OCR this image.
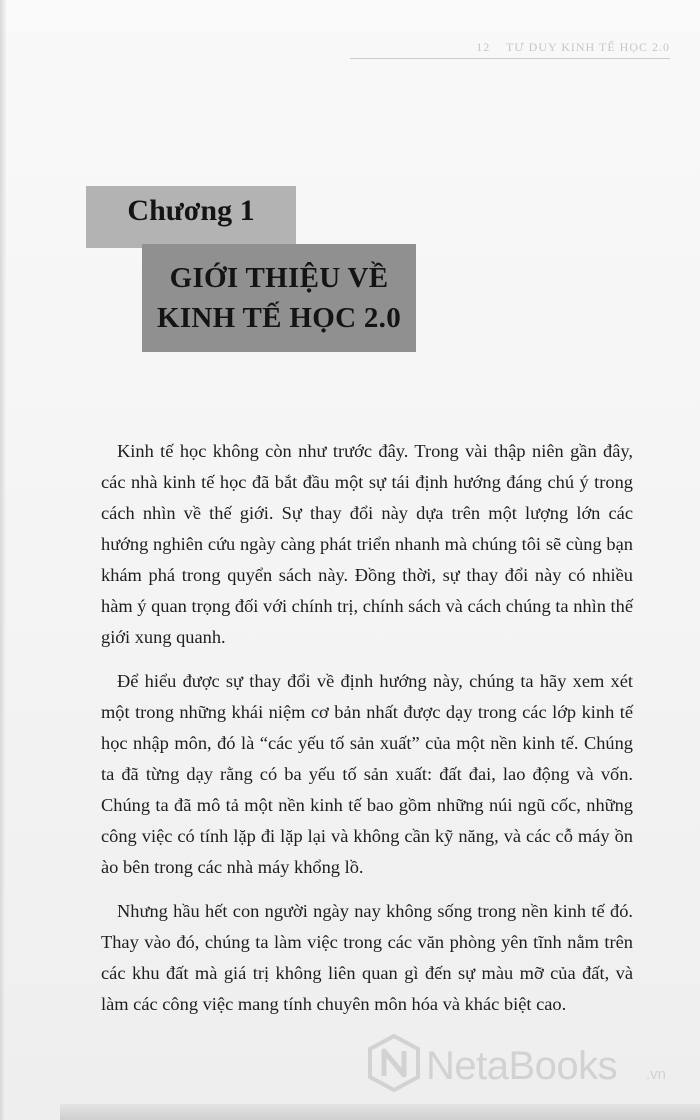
12 TƯ DUY KINH TẾ HỌC 2.0
Chương 1
GIỚI THIỆU VỀ
KINH TẾ HỌC 2.0

Kinh tế học không còn như trước đây. Trong vài thập niên gần đây, các nhà kinh tế học đã bắt đầu một sự tái định hướng đáng chú ý trong cách nhìn về thế giới. Sự thay đổi này dựa trên một lượng lớn các hướng nghiên cứu ngày càng phát triển nhanh mà chúng tôi sẽ cùng bạn khám phá trong quyển sách này. Đồng thời, sự thay đổi này có nhiều hàm ý quan trọng đối với chính trị, chính sách và cách chúng ta nhìn thế giới xung quanh.

Để hiểu được sự thay đổi về định hướng này, chúng ta hãy xem xét một trong những khái niệm cơ bản nhất được dạy trong các lớp kinh tế học nhập môn, đó là “các yếu tố sản xuất” của một nền kinh tế. Chúng ta đã từng dạy rằng có ba yếu tố sản xuất: đất đai, lao động và vốn. Chúng ta đã mô tả một nền kinh tế bao gồm những núi ngũ cốc, những công việc có tính lặp đi lặp lại và không cần kỹ năng, và các cỗ máy ồn ào bên trong các nhà máy khổng lồ.

Nhưng hầu hết con người ngày nay không sống trong nền kinh tế đó. Thay vào đó, chúng ta làm việc trong các văn phòng yên tĩnh nằm trên các khu đất mà giá trị không liên quan gì đến sự màu mỡ của đất, và làm các công việc mang tính chuyên môn hóa và khác biệt cao.

NetaBooks .vn
